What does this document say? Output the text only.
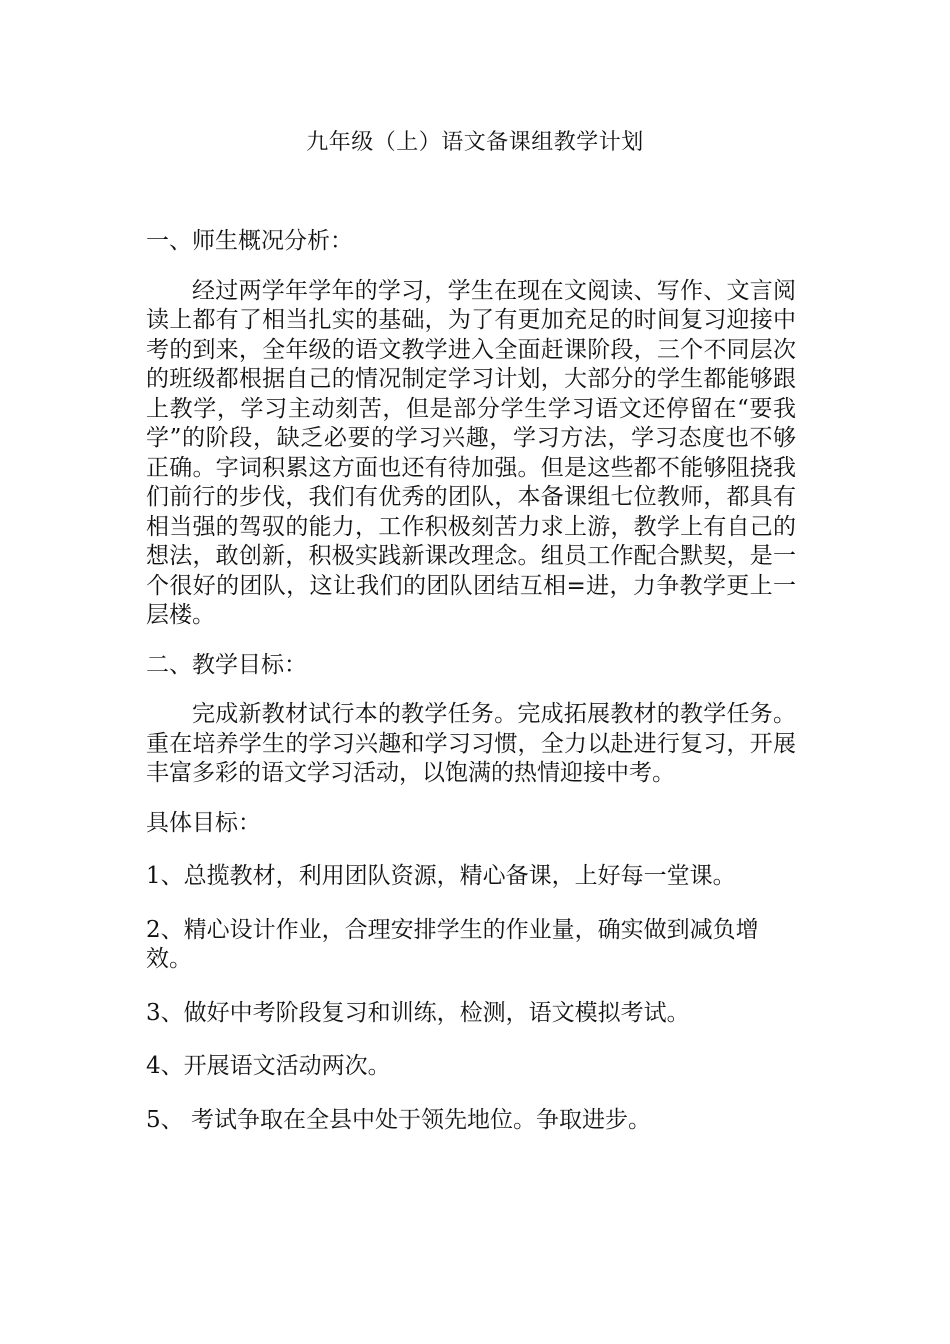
九年级（上）语文备课组教学计划

一、师生概况分析：

经过两学年学年的学习，学生在现在文阅读、写作、文言阅读上都有了相当扎实的基础，为了有更加充足的时间复习迎接中考的到来，全年级的语文教学进入全面赶课阶段，三个不同层次的班级都根据自己的情况制定学习计划，大部分的学生都能够跟上教学，学习主动刻苦，但是部分学生学习语文还停留在“要我学”的阶段，缺乏必要的学习兴趣，学习方法，学习态度也不够正确。字词积累这方面也还有待加强。但是这些都不能够阻挠我们前行的步伐，我们有优秀的团队，本备课组七位教师，都具有相当强的驾驭的能力，工作积极刻苦力求上游，教学上有自己的想法，敢创新，积极实践新课改理念。组员工作配合默契，是一个很好的团队，这让我们的团队团结互相=进，力争教学更上一层楼。

二、教学目标：

完成新教材试行本的教学任务。完成拓展教材的教学任务。重在培养学生的学习兴趣和学习习惯，全力以赴进行复习，开展丰富多彩的语文学习活动，以饱满的热情迎接中考。

具体目标：

1、总揽教材，利用团队资源，精心备课，上好每一堂课。

2、精心设计作业，合理安排学生的作业量，确实做到减负增效。

3、做好中考阶段复习和训练，检测，语文模拟考试。

4、开展语文活动两次。

5、 考试争取在全县中处于领先地位。争取进步。
